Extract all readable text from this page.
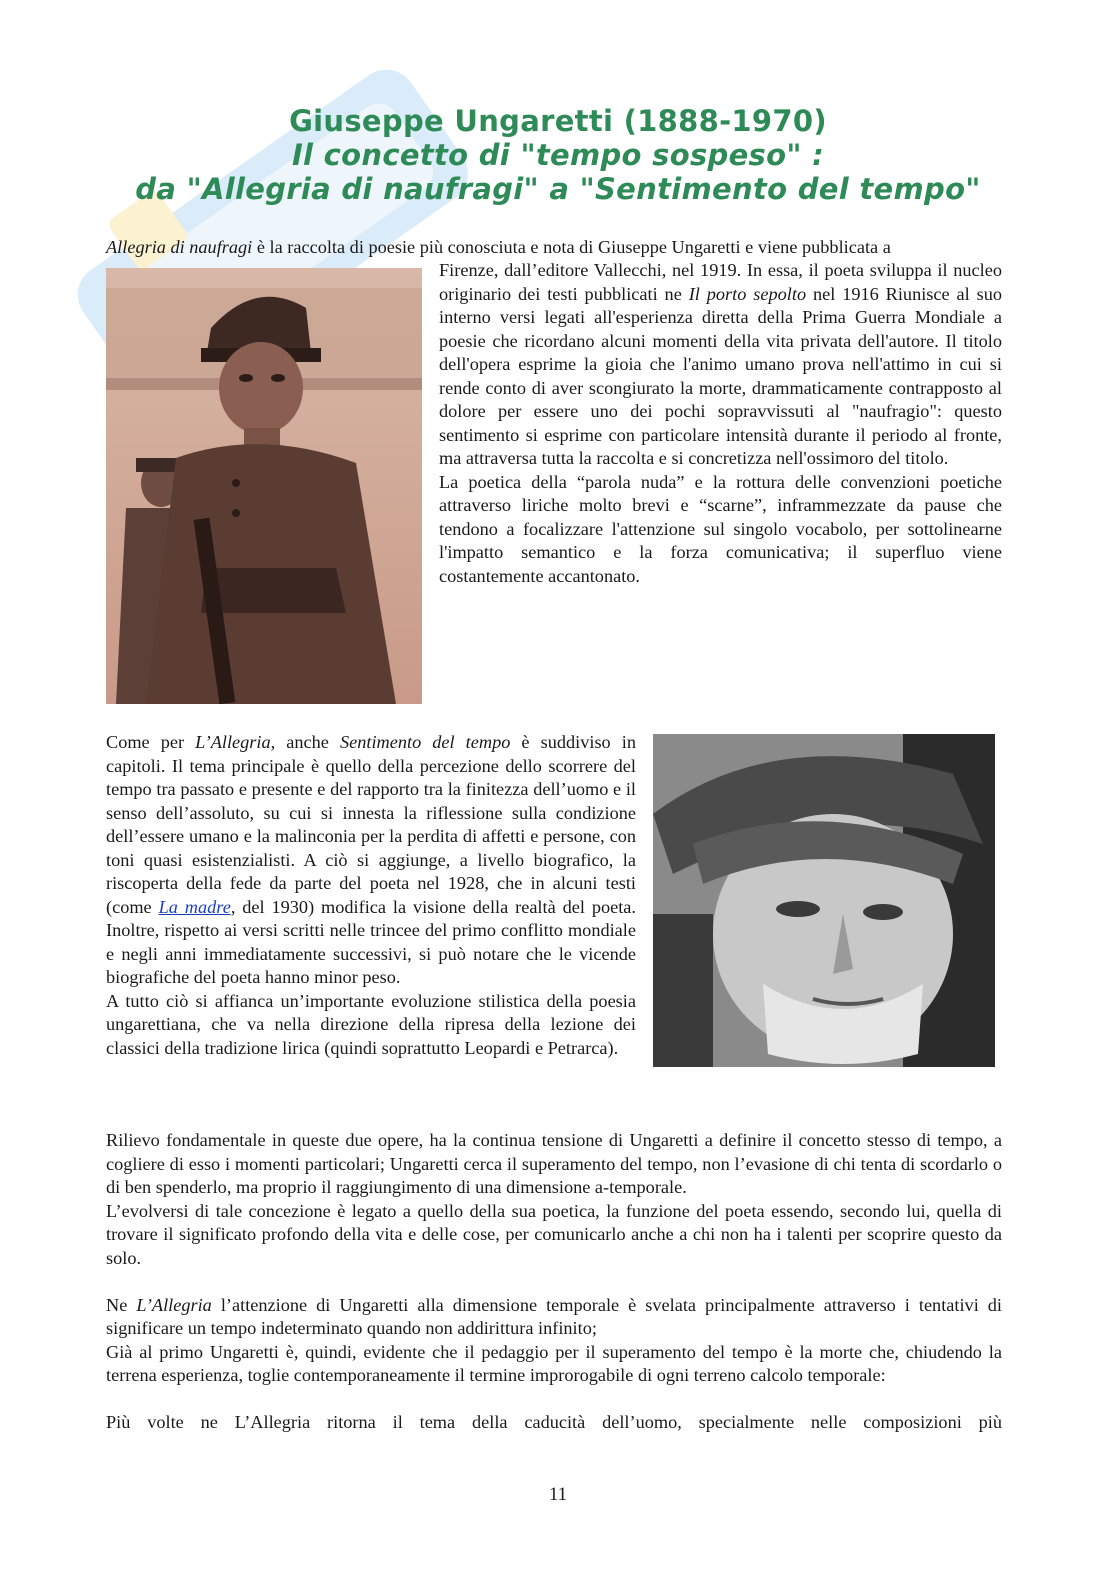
Giuseppe Ungaretti (1888-1970)
Il concetto di "tempo sospeso" :
da "Allegria di naufragi" a "Sentimento del tempo"
Allegria di naufragi è la raccolta di poesie più conosciuta e nota di Giuseppe Ungaretti e viene pubblicata a

Firenze, dall’editore Vallecchi, nel 1919. In essa, il poeta sviluppa il nucleo originario dei testi pubblicati ne Il porto sepolto nel 1916 Riunisce al suo interno versi legati all'esperienza diretta della Prima Guerra Mondiale a poesie che ricordano alcuni momenti della vita privata dell'autore. Il titolo dell'opera esprime la gioia che l'animo umano prova nell'attimo in cui si rende conto di aver scongiurato la morte, drammaticamente contrapposto al dolore per essere uno dei pochi sopravvissuti al "naufragio": questo sentimento si esprime con particolare intensità durante il periodo al fronte, ma attraversa tutta la raccolta e si concretizza nell'ossimoro del titolo.

La poetica della “parola nuda” e la rottura delle convenzioni poetiche attraverso liriche molto brevi e “scarne”, inframmezzate da pause che tendono a focalizzare l'attenzione sul singolo vocabolo, per sottolinearne l'impatto semantico e la forza comunicativa; il superfluo viene costantemente accantonato.

Come per L’Allegria, anche Sentimento del tempo è suddiviso in capitoli. Il tema principale è quello della percezione dello scorrere del tempo tra passato e presente e del rapporto tra la finitezza dell’uomo e il senso dell’assoluto, su cui si innesta la riflessione sulla condizione dell’essere umano e la malinconia per la perdita di affetti e persone, con toni quasi esistenzialisti. A ciò si aggiunge, a livello biografico, la riscoperta della fede da parte del poeta nel 1928, che in alcuni testi (come La madre, del 1930) modifica la visione della realtà del poeta. Inoltre, rispetto ai versi scritti nelle trincee del primo conflitto mondiale e negli anni immediatamente successivi, si può notare che le vicende biografiche del poeta hanno minor peso.

A tutto ciò si affianca un’importante evoluzione stilistica della poesia ungarettiana, che va nella direzione della ripresa della lezione dei classici della tradizione lirica (quindi soprattutto Leopardi e Petrarca).

Rilievo fondamentale in queste due opere, ha la continua tensione di Ungaretti a definire il concetto stesso di tempo, a cogliere di esso i momenti particolari; Ungaretti cerca il superamento del tempo, non l’evasione di chi tenta di scordarlo o di ben spenderlo, ma proprio il raggiungimento di una dimensione a-temporale.

L’evolversi di tale concezione è legato a quello della sua poetica, la funzione del poeta essendo, secondo lui, quella di trovare il significato profondo della vita e delle cose, per comunicarlo anche a chi non ha i talenti per scoprire questo da solo.

Ne L’Allegria l’attenzione di Ungaretti alla dimensione temporale è svelata principalmente attraverso i tentativi di significare un tempo indeterminato quando non addirittura infinito;

Già al primo Ungaretti è, quindi, evidente che il pedaggio per il superamento del tempo è la morte che, chiudendo la terrena esperienza, toglie contemporaneamente il termine improrogabile di ogni terreno calcolo temporale:

Più volte ne L’Allegria ritorna il tema della caducità dell’uomo, specialmente nelle composizioni più

11
